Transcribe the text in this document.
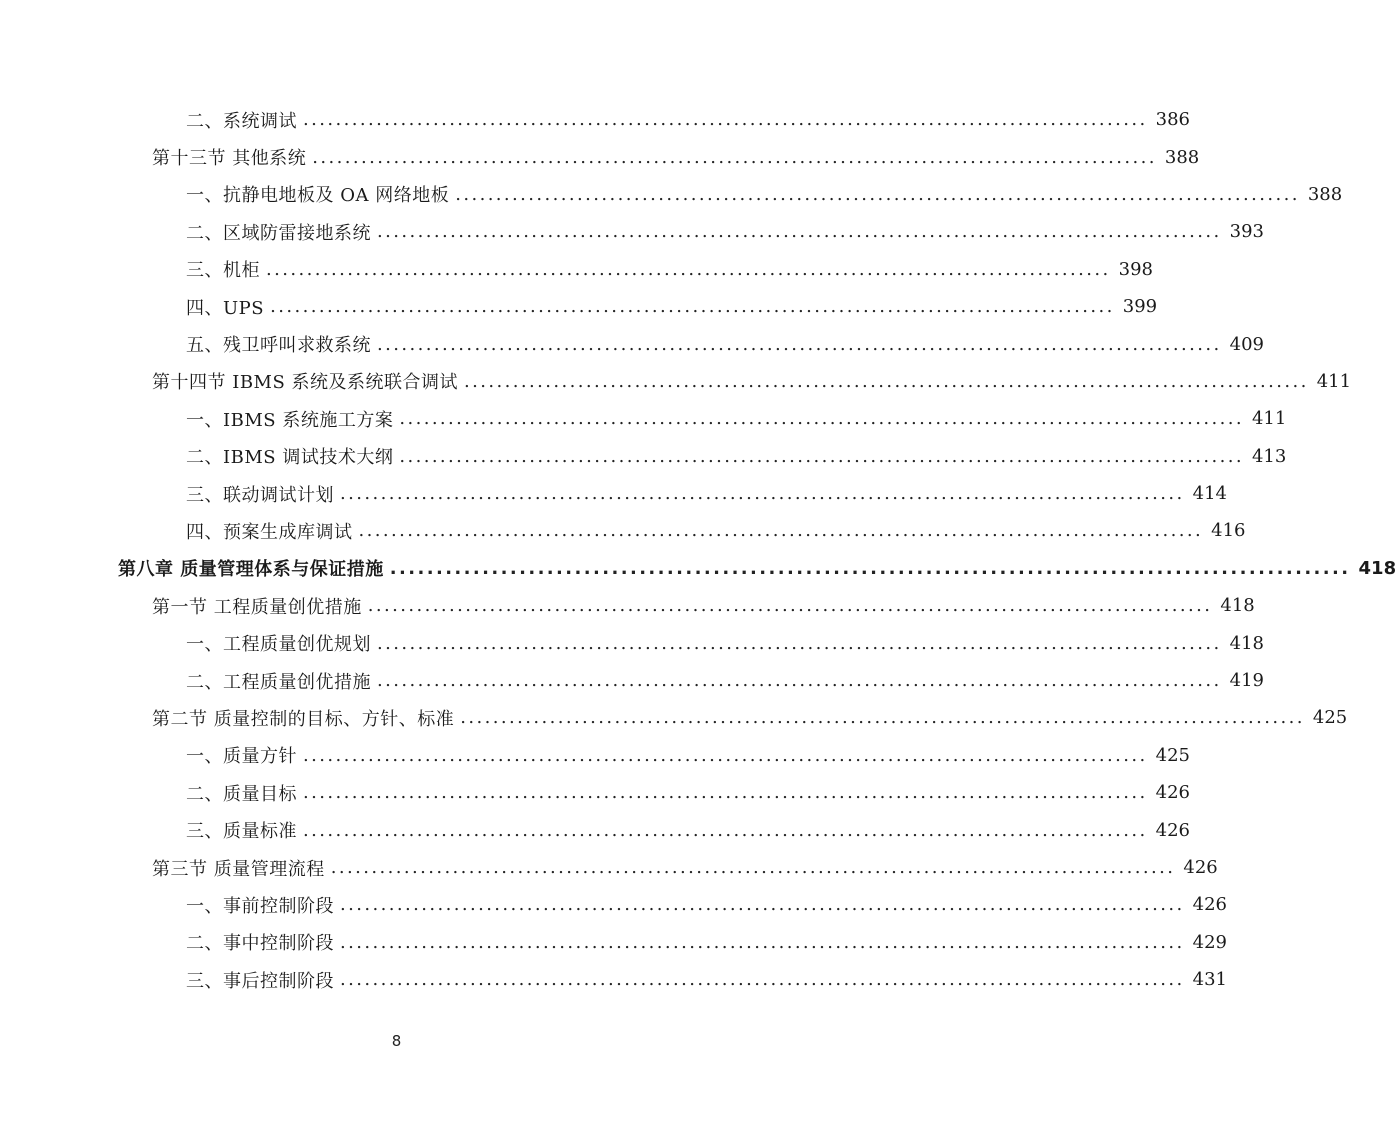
二、系统调试 ........................................................................................................ 386
第十三节 其他系统 ........................................................................................................ 388
一、抗静电地板及 OA 网络地板 ........................................................................................................ 388
二、区域防雷接地系统 ........................................................................................................ 393
三、机柜 ........................................................................................................ 398
四、UPS ........................................................................................................ 399
五、残卫呼叫求救系统 ........................................................................................................ 409
第十四节 IBMS 系统及系统联合调试 ........................................................................................................ 411
一、IBMS 系统施工方案 ........................................................................................................ 411
二、IBMS 调试技术大纲 ........................................................................................................ 413
三、联动调试计划 ........................................................................................................ 414
四、预案生成库调试 ........................................................................................................ 416
第八章 质量管理体系与保证措施 ........................................................................................................ 418
第一节 工程质量创优措施 ........................................................................................................ 418
一、工程质量创优规划 ........................................................................................................ 418
二、工程质量创优措施 ........................................................................................................ 419
第二节 质量控制的目标、方针、标准 ........................................................................................................ 425
一、质量方针 ........................................................................................................ 425
二、质量目标 ........................................................................................................ 426
三、质量标准 ........................................................................................................ 426
第三节 质量管理流程 ........................................................................................................ 426
一、事前控制阶段 ........................................................................................................ 426
二、事中控制阶段 ........................................................................................................ 429
三、事后控制阶段 ........................................................................................................ 431
8
